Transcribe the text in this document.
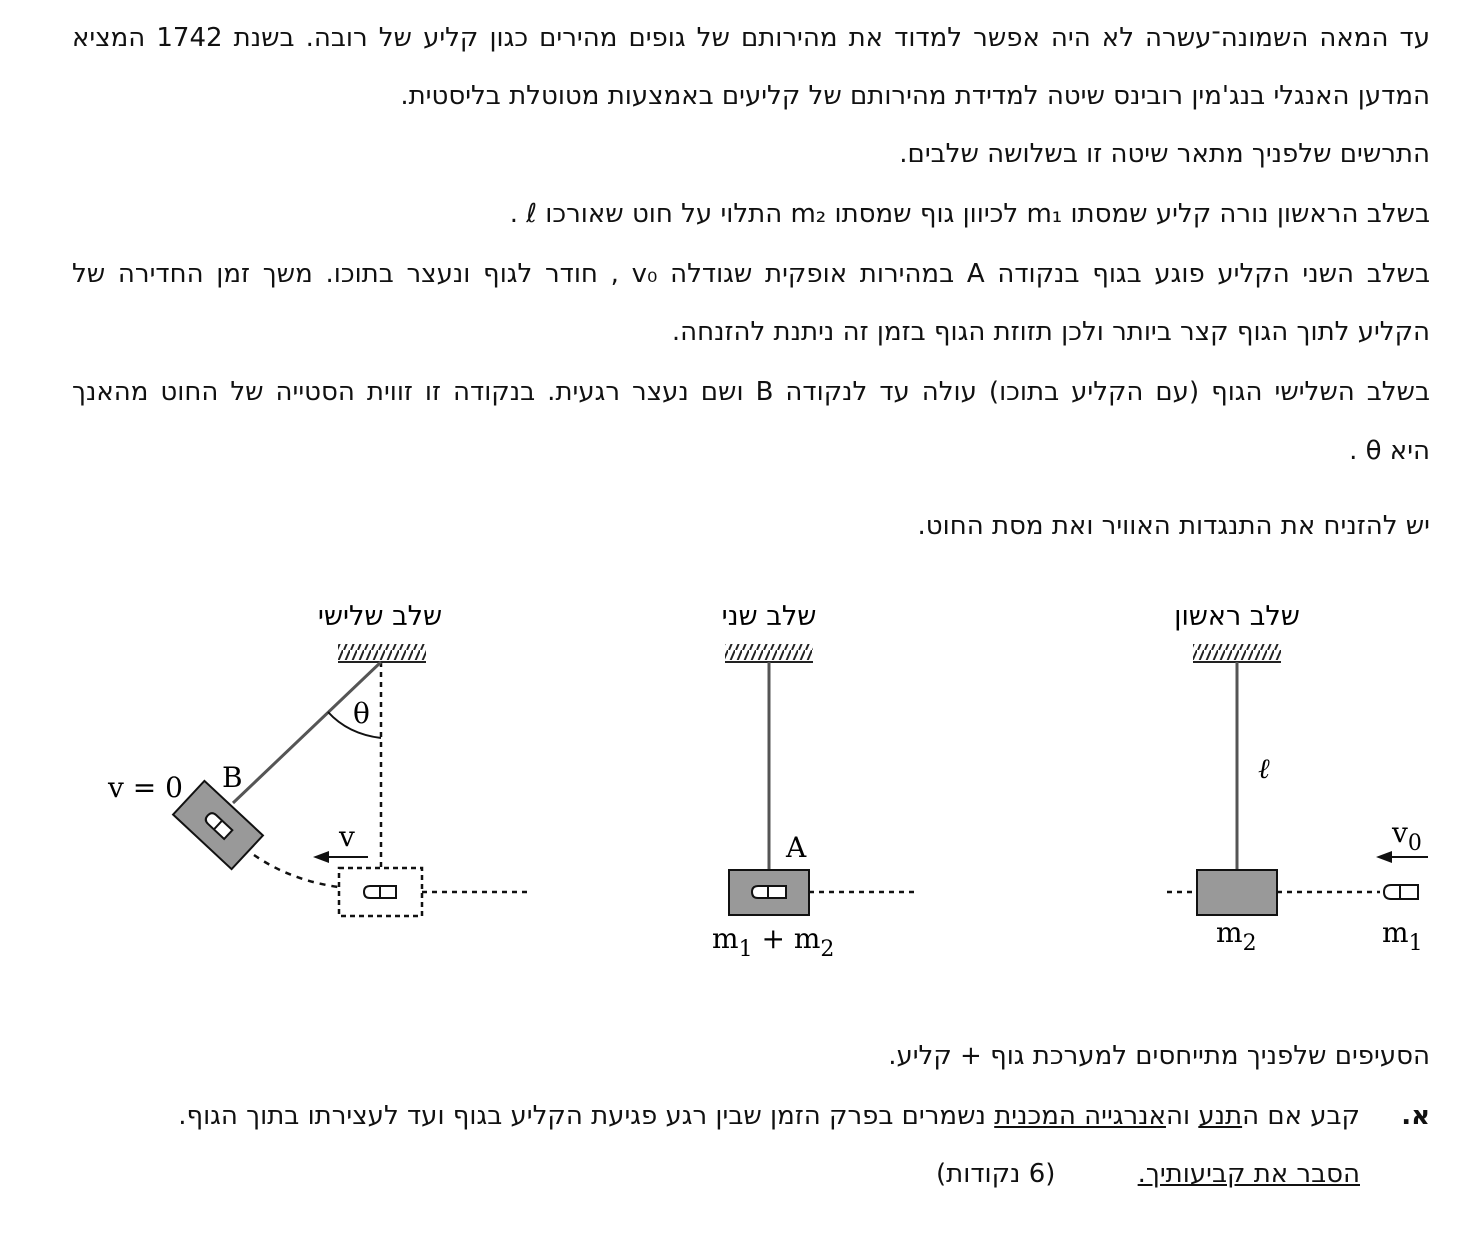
עד המאה השמונה־עשרה לא היה אפשר למדוד את מהירותם של גופים מהירים כגון קליע של רובה. בשנת 1742 המציא
המדען האנגלי בנג'מין רובינס שיטה למדידת מהירותם של קליעים באמצעות מטוטלת בליסטית.
התרשים שלפניך מתאר שיטה זו בשלושה שלבים.
בשלב הראשון נורה קליע שמסתו m₁ לכיוון גוף שמסתו m₂ התלוי על חוט שאורכו ℓ .
בשלב השני הקליע פוגע בגוף בנקודה A במהירות אופקית שגודלה v₀ , חודר לגוף ונעצר בתוכו. משך זמן החדירה של
הקליע לתוך הגוף קצר ביותר ולכן תזוזת הגוף בזמן זה ניתנת להזנחה.
בשלב השלישי הגוף (עם הקליע בתוכו) עולה עד לנקודה B ושם נעצר רגעית. בנקודה זו זווית הסטייה של החוט מהאנך
היא θ .
יש להזניח את התנגדות האוויר ואת מסת החוט.
שלב שלישי	שלב שני	שלב ראשון
ℓ
$v_0$
$m_2$	$m_1$
A
$m_1 + m_2$
θ
B
v = 0
v
הסעיפים שלפניך מתייחסים למערכת גוף + קליע.
א.
קבע אם התנע והאנרגייה המכנית נשמרים בפרק הזמן שבין רגע פגיעת הקליע בגוף ועד לעצירתו בתוך הגוף.
הסבר את קביעותיך.
(6 נקודות)
